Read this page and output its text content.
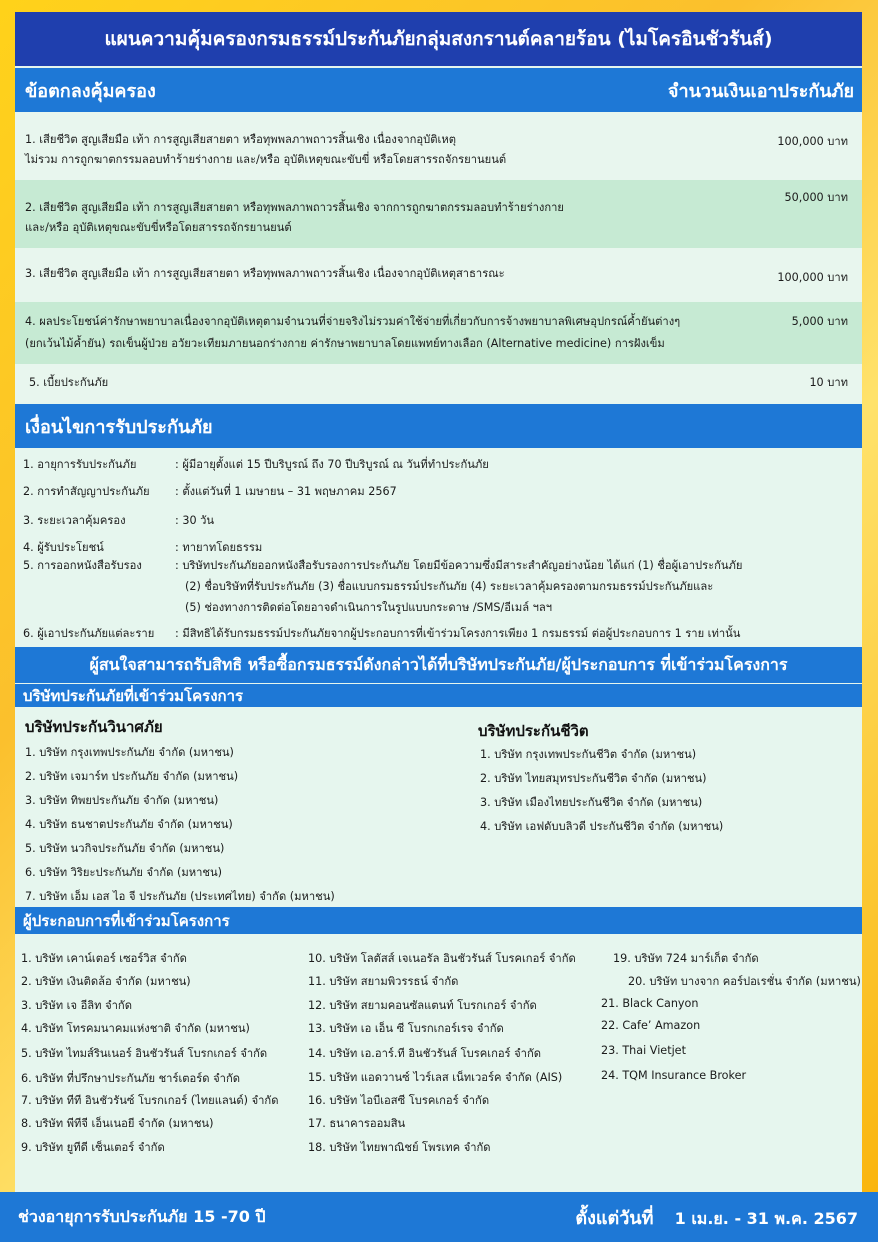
แผนความคุ้มครองกรมธรรม์ประกันภัยกลุ่มสงกรานต์คลายร้อน (ไมโครอินชัวรันส์)
ข้อตกลงคุ้มครอง	จำนวนเงินเอาประกันภัย
1. เสียชีวิต สูญเสียมือ เท้า การสูญเสียสายตา หรือทุพพลภาพถาวรสิ้นเชิง เนื่องจากอุบัติเหตุ
ไม่รวม การถูกฆาตกรรมลอบทำร้ายร่างกาย และ/หรือ อุบัติเหตุขณะขับขี่ หรือโดยสารรถจักรยานยนต์
100,000 บาท
2. เสียชีวิต สูญเสียมือ เท้า การสูญเสียสายตา หรือทุพพลภาพถาวรสิ้นเชิง จากการถูกฆาตกรรมลอบทำร้ายร่างกาย
และ/หรือ อุบัติเหตุขณะขับขี่หรือโดยสารรถจักรยานยนต์
50,000 บาท
3. เสียชีวิต สูญเสียมือ เท้า การสูญเสียสายตา หรือทุพพลภาพถาวรสิ้นเชิง เนื่องจากอุบัติเหตุสาธารณะ	100,000 บาท
4. ผลประโยชน์ค่ารักษาพยาบาลเนื่องจากอุบัติเหตุตามจำนวนที่จ่ายจริงไม่รวมค่าใช้จ่ายที่เกี่ยวกับการจ้างพยาบาลพิเศษอุปกรณ์ค้ำยันต่างๆ
(ยกเว้นไม้ค้ำยัน) รถเข็นผู้ป่วย อวัยวะเทียมภายนอกร่างกาย ค่ารักษาพยาบาลโดยแพทย์ทางเลือก (Alternative medicine) การฝังเข็ม
5,000 บาท
5. เบี้ยประกันภัย	10 บาท
เงื่อนไขการรับประกันภัย
1. อายุการรับประกันภัย	: ผู้มีอายุตั้งแต่ 15 ปีบริบูรณ์ ถึง 70 ปีบริบูรณ์ ณ วันที่ทำประกันภัย
2. การทำสัญญาประกันภัย	: ตั้งแต่วันที่ 1 เมษายน – 31 พฤษภาคม 2567
3. ระยะเวลาคุ้มครอง	: 30 วัน
4. ผู้รับประโยชน์	: ทายาทโดยธรรม
5. การออกหนังสือรับรอง	: บริษัทประกันภัยออกหนังสือรับรองการประกันภัย โดยมีข้อความซึ่งมีสาระสำคัญอย่างน้อย ได้แก่ (1) ชื่อผู้เอาประกันภัย
(2) ชื่อบริษัทที่รับประกันภัย (3) ชื่อแบบกรมธรรม์ประกันภัย (4) ระยะเวลาคุ้มครองตามกรมธรรม์ประกันภัยและ
(5) ช่องทางการติดต่อโดยอาจดำเนินการในรูปแบบกระดาษ /SMS/อีเมล์ ฯลฯ
6. ผู้เอาประกันภัยแต่ละราย	: มีสิทธิได้รับกรมธรรม์ประกันภัยจากผู้ประกอบการที่เข้าร่วมโครงการเพียง 1 กรมธรรม์ ต่อผู้ประกอบการ 1 ราย เท่านั้น
ผู้สนใจสามารถรับสิทธิ หรือซื้อกรมธรรม์ดังกล่าวได้ที่บริษัทประกันภัย/ผู้ประกอบการ ที่เข้าร่วมโครงการ
บริษัทประกันภัยที่เข้าร่วมโครงการ
บริษัทประกันวินาศภัย
1. บริษัท กรุงเทพประกันภัย จำกัด (มหาชน)
2. บริษัท เจมาร์ท ประกันภัย จำกัด (มหาชน)
3. บริษัท ทิพยประกันภัย จำกัด (มหาชน)
4. บริษัท ธนชาตประกันภัย จำกัด (มหาชน)
5. บริษัท นวกิจประกันภัย จำกัด (มหาชน)
6. บริษัท วิริยะประกันภัย จำกัด (มหาชน)
7. บริษัท เอ็ม เอส ไอ จี ประกันภัย (ประเทศไทย) จำกัด (มหาชน)
บริษัทประกันชีวิต
1. บริษัท กรุงเทพประกันชีวิต จำกัด (มหาชน)
2. บริษัท ไทยสมุทรประกันชีวิต จำกัด (มหาชน)
3. บริษัท เมืองไทยประกันชีวิต จำกัด (มหาชน)
4. บริษัท เอฟดับบลิวดี ประกันชีวิต จำกัด (มหาชน)
ผู้ประกอบการที่เข้าร่วมโครงการ
1. บริษัท เคาน์เตอร์ เซอร์วิส จำกัด
2. บริษัท เงินติดล้อ จำกัด (มหาชน)
3. บริษัท เจ อีลิท จำกัด
4. บริษัท โทรคมนาคมแห่งชาติ จำกัด (มหาชน)
5. บริษัท ไทมส์รินเนอร์ อินชัวรันส์ โบรกเกอร์ จำกัด
6. บริษัท ที่ปรึกษาประกันภัย ชาร์เตอร์ด จำกัด
7. บริษัท ทีที อินชัวรันซ์ โบรกเกอร์ (ไทยแลนด์) จำกัด
8. บริษัท พีทีจี เอ็นเนอยี จำกัด (มหาชน)
9. บริษัท ยูทีดี เซ็นเตอร์ จำกัด
10. บริษัท โลตัสส์ เจเนอรัล อินชัวรันส์ โบรคเกอร์ จำกัด
11. บริษัท สยามพิวรรธน์ จำกัด
12. บริษัท สยามคอนซัลแตนท์ โบรกเกอร์ จำกัด
13. บริษัท เอ เอ็น ซี โบรกเกอร์เรจ จำกัด
14. บริษัท เอ.อาร์.ที อินชัวรันส์ โบรคเกอร์ จำกัด
15. บริษัท แอดวานซ์ ไวร์เลส เน็ทเวอร์ค จำกัด (AIS)
16. บริษัท ไอบีเอสซี โบรคเกอร์ จำกัด
17. ธนาคารออมสิน
18. บริษัท ไทยพาณิชย์ โพรเทค จำกัด
19. บริษัท 724 มาร์เก็ต จำกัด
20. บริษัท บางจาก คอร์ปอเรชั่น จำกัด (มหาชน)
21. Black Canyon
22. Cafe’ Amazon
23. Thai Vietjet
24. TQM Insurance Broker
ช่วงอายุการรับประกันภัย 15 -70 ปี	ตั้งแต่วันที่ 1 เม.ย. - 31 พ.ค. 2567
